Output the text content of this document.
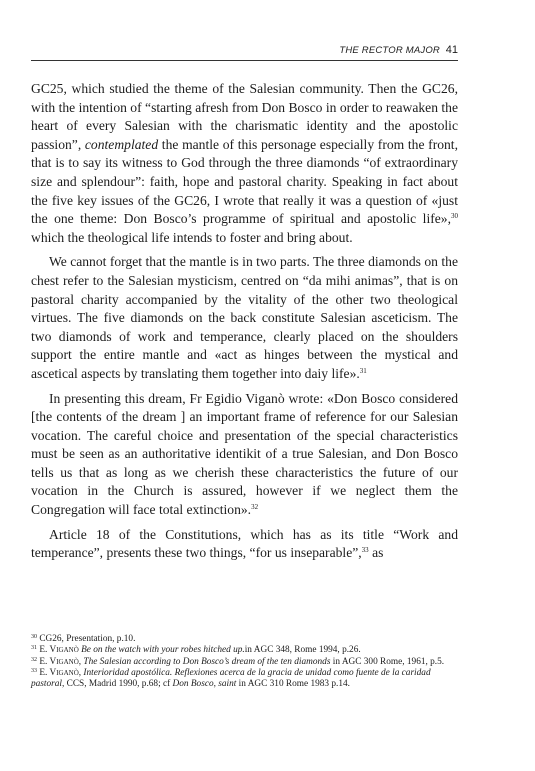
THE RECTOR MAJOR 41

GC25, which studied the theme of the Salesian community. Then the GC26, with the intention of “starting afresh from Don Bosco in order to reawaken the heart of every Salesian with the charismatic identity and the apostolic passion”, contemplated the mantle of this personage especially from the front, that is to say its witness to God through the three diamonds “of extraordinary size and splendour”: faith, hope and pastoral charity. Speaking in fact about the five key issues of the GC26, I wrote that really it was a question of «just the one theme: Don Bosco’s programme of spiritual and apostolic life»,$^{30}$ which the theological life intends to foster and bring about.

We cannot forget that the mantle is in two parts. The three diamonds on the chest refer to the Salesian mysticism, centred on “da mihi animas”, that is on pastoral charity accompanied by the vitality of the other two theological virtues. The five diamonds on the back constitute Salesian asceticism. The two diamonds of work and temperance, clearly placed on the shoulders support the entire mantle and «act as hinges between the mystical and ascetical aspects by translating them together into daiy life».$^{31}$

In presenting this dream, Fr Egidio Viganò wrote: «Don Bosco considered [the contents of the dream ] an important frame of reference for our Salesian vocation. The careful choice and presentation of the special characteristics must be seen as an authoritative identikit of a true Salesian, and Don Bosco tells us that as long as we cherish these characteristics the future of our vocation in the Church is assured, however if we neglect them the Congregation will face total extinction».$^{32}$

Article 18 of the Constitutions, which has as its title “Work and temperance”, presents these two things, “for us inseparable”,$^{33}$ as

$^{30}$ CG26, Presentation, p.10.

$^{31}$ E. Viganò Be on the watch with your robes hitched up.in AGC 348, Rome 1994, p.26.

$^{32}$ E. Viganò, The Salesian according to Don Bosco’s dream of the ten diamonds in AGC 300 Rome, 1961, p.5.

$^{33}$ E. Viganò, Interioridad apostólica. Reflexiones acerca de la gracia de unidad como fuente de la caridad pastoral, CCS, Madrid 1990, p.68; cf Don Bosco, saint in AGC 310 Rome 1983 p.14.
